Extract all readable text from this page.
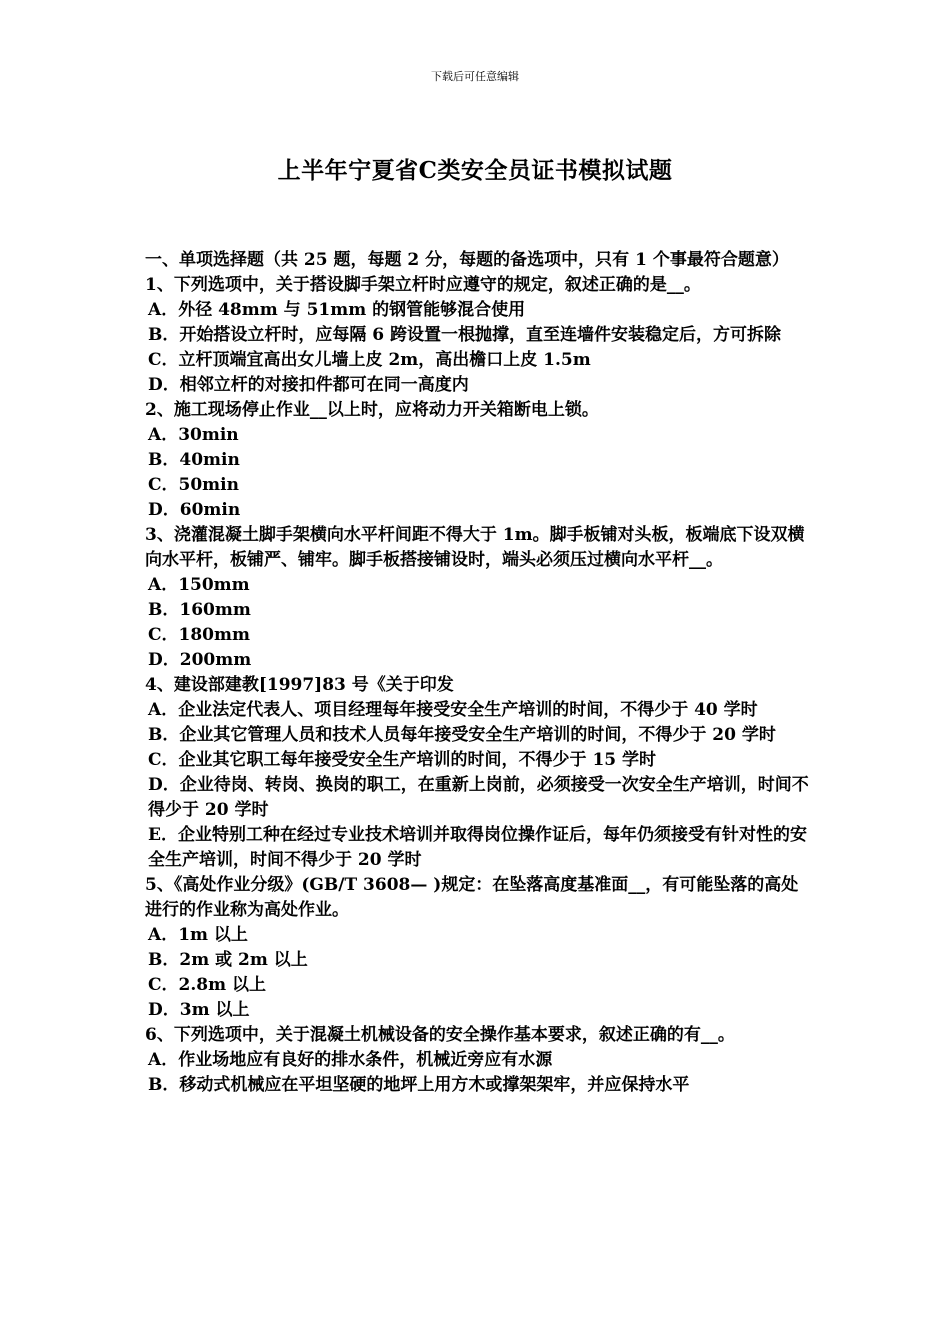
下载后可任意编辑
上半年宁夏省C类安全员证书模拟试题
一、单项选择题（共 25 题，每题 2 分，每题的备选项中，只有 1 个事最符合题意）
1、下列选项中，关于搭设脚手架立杆时应遵守的规定，叙述正确的是__。
A．外径 48mm 与 51mm 的钢管能够混合使用
B．开始搭设立杆时，应每隔 6 跨设置一根抛撑，直至连墙件安装稳定后，方可拆除
C．立杆顶端宜高出女儿墙上皮 2m，高出檐口上皮 1.5m
D．相邻立杆的对接扣件都可在同一高度内
2、施工现场停止作业__以上时，应将动力开关箱断电上锁。
A．30min
B．40min
C．50min
D．60min
3、浇灌混凝土脚手架横向水平杆间距不得大于 1m。脚手板铺对头板，板端底下设双横向水平杆，板铺严、铺牢。脚手板搭接铺设时，端头必须压过横向水平杆__。
A．150mm
B．160mm
C．180mm
D．200mm
4、建设部建教[1997]83 号《关于印发
A．企业法定代表人、项目经理每年接受安全生产培训的时间，不得少于 40 学时
B．企业其它管理人员和技术人员每年接受安全生产培训的时间，不得少于 20 学时
C．企业其它职工每年接受安全生产培训的时间，不得少于 15 学时
D．企业待岗、转岗、换岗的职工，在重新上岗前，必须接受一次安全生产培训，时间不得少于 20 学时
E．企业特别工种在经过专业技术培训并取得岗位操作证后，每年仍须接受有针对性的安全生产培训，时间不得少于 20 学时
5、《高处作业分级》(GB/T 3608— )规定：在坠落高度基准面__，有可能坠落的高处进行的作业称为高处作业。
A．1m 以上
B．2m 或 2m 以上
C．2.8m 以上
D．3m 以上
6、下列选项中，关于混凝土机械设备的安全操作基本要求，叙述正确的有__。
A．作业场地应有良好的排水条件，机械近旁应有水源
B．移动式机械应在平坦坚硬的地坪上用方木或撑架架牢，并应保持水平
